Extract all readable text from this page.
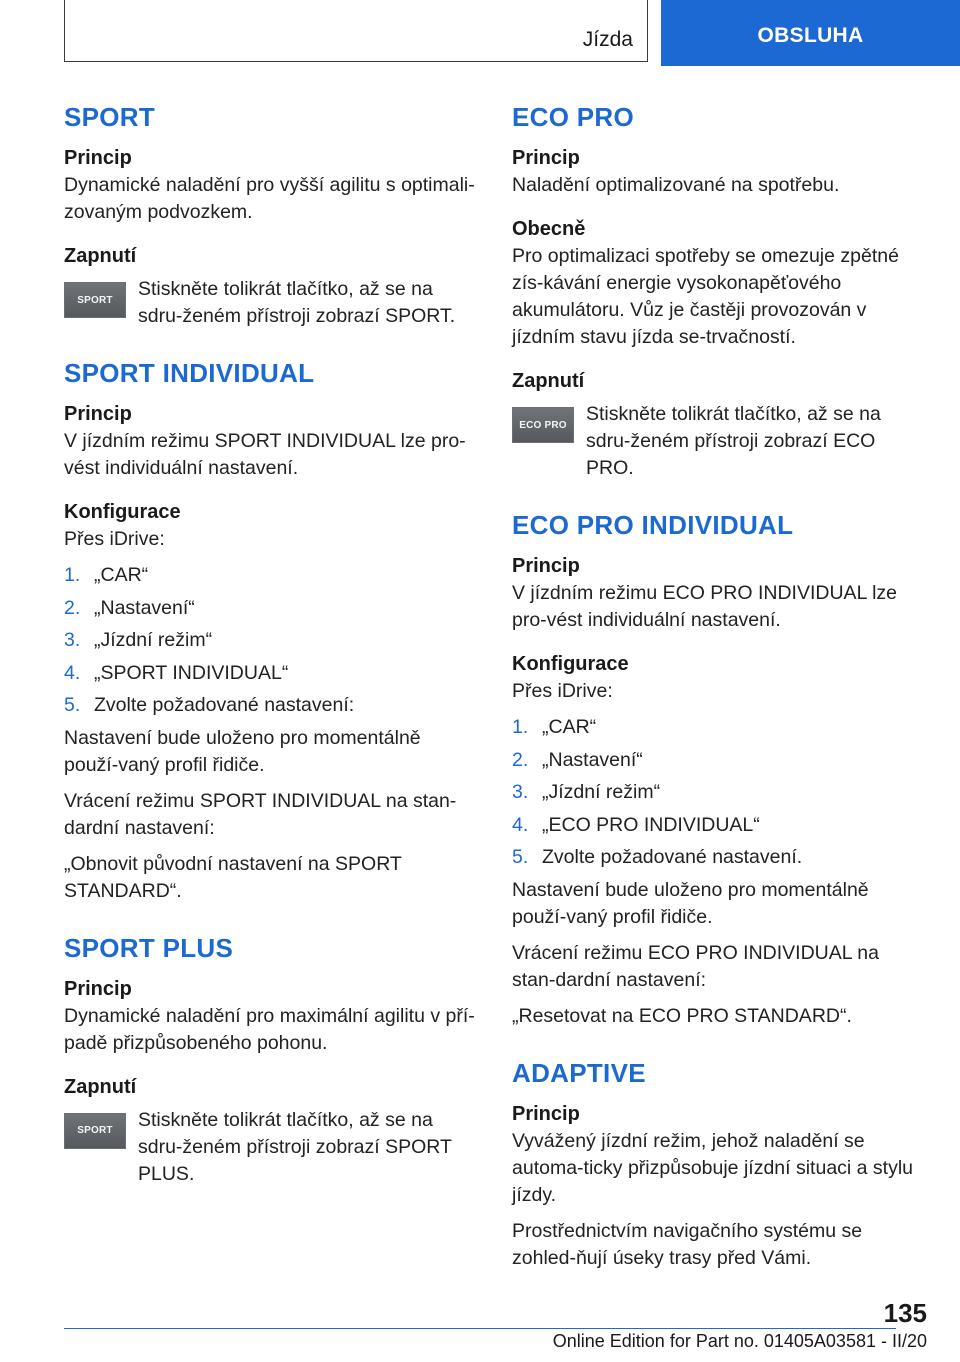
Jízda	OBSLUHA
SPORT
Princip

Dynamické naladění pro vyšší agilitu s optimali-zovaným podvozkem.

Zapnutí
SPORT Stiskněte tolikrát tlačítko, až se na sdru-ženém přístroji zobrazí SPORT.

SPORT INDIVIDUAL
Princip

V jízdním režimu SPORT INDIVIDUAL lze pro-vést individuální nastavení.

Konfigurace

Přes iDrive:

1. „CAR“
2. „Nastavení“
3. „Jízdní režim“
4. „SPORT INDIVIDUAL“
5. Zvolte požadované nastavení:

Nastavení bude uloženo pro momentálně použí-vaný profil řidiče.

Vrácení režimu SPORT INDIVIDUAL na stan-dardní nastavení:

„Obnovit původní nastavení na SPORT STANDARD“.

SPORT PLUS
Princip

Dynamické naladění pro maximální agilitu v pří-padě přizpůsobeného pohonu.

Zapnutí
SPORT Stiskněte tolikrát tlačítko, až se na sdru-ženém přístroji zobrazí SPORT PLUS.

ECO PRO
Princip

Naladění optimalizované na spotřebu.

Obecně

Pro optimalizaci spotřeby se omezuje zpětné zís-kávání energie vysokonapěťového akumulátoru. Vůz je častěji provozován v jízdním stavu jízda se-trvačností.

Zapnutí
ECO PRO Stiskněte tolikrát tlačítko, až se na sdru-ženém přístroji zobrazí ECO PRO.

ECO PRO INDIVIDUAL
Princip

V jízdním režimu ECO PRO INDIVIDUAL lze pro-vést individuální nastavení.

Konfigurace

Přes iDrive:

1. „CAR“
2. „Nastavení“
3. „Jízdní režim“
4. „ECO PRO INDIVIDUAL“
5. Zvolte požadované nastavení.

Nastavení bude uloženo pro momentálně použí-vaný profil řidiče.

Vrácení režimu ECO PRO INDIVIDUAL na stan-dardní nastavení:

„Resetovat na ECO PRO STANDARD“.

ADAPTIVE
Princip

Vyvážený jízdní režim, jehož naladění se automa-ticky přizpůsobuje jízdní situaci a stylu jízdy.

Prostřednictvím navigačního systému se zohled-ňují úseky trasy před Vámi.

135
Online Edition for Part no. 01405A03581 - II/20
